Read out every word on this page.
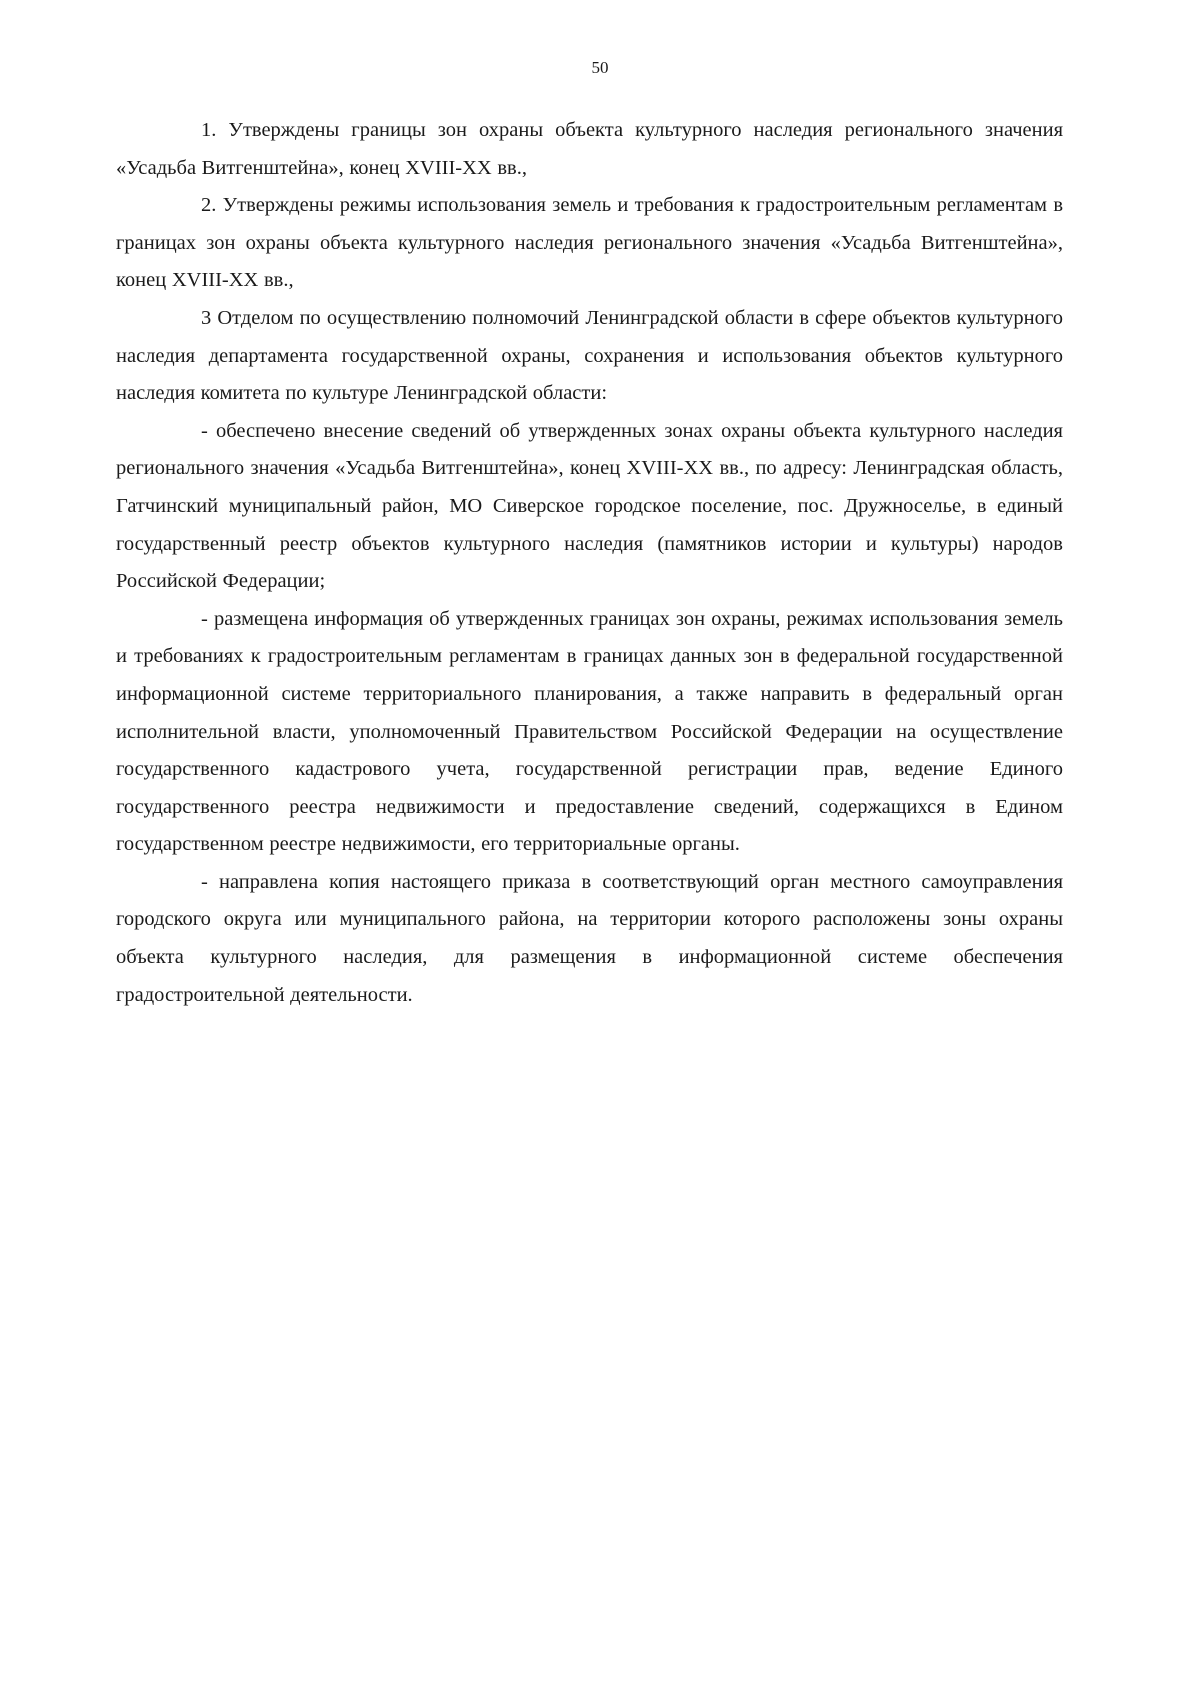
50

1. Утверждены границы зон охраны объекта культурного наследия регионального значения «Усадьба Витгенштейна», конец XVIII-XX вв.,

2. Утверждены режимы использования земель и требования к градостроительным регламентам в границах зон охраны объекта культурного наследия регионального значения «Усадьба Витгенштейна», конец XVIII-XX вв.,

3 Отделом по осуществлению полномочий Ленинградской области в сфере объектов культурного наследия департамента государственной охраны, сохранения и использования объектов культурного наследия комитета по культуре Ленинградской области:

- обеспечено внесение сведений об утвержденных зонах охраны объекта культурного наследия регионального значения «Усадьба Витгенштейна», конец XVIII-XX вв., по адресу: Ленинградская область, Гатчинский муниципальный район, МО Сиверское городское поселение, пос. Дружноселье, в единый государственный реестр объектов культурного наследия (памятников истории и культуры) народов Российской Федерации;

- размещена информация об утвержденных границах зон охраны, режимах использования земель и требованиях к градостроительным регламентам в границах данных зон в федеральной государственной информационной системе территориального планирования, а также направить в федеральный орган исполнительной власти, уполномоченный Правительством Российской Федерации на осуществление государственного кадастрового учета, государственной регистрации прав, ведение Единого государственного реестра недвижимости и предоставление сведений, содержащихся в Едином государственном реестре недвижимости, его территориальные органы.

- направлена копия настоящего приказа в соответствующий орган местного самоуправления городского округа или муниципального района, на территории которого расположены зоны охраны объекта культурного наследия, для размещения в информационной системе обеспечения градостроительной деятельности.
